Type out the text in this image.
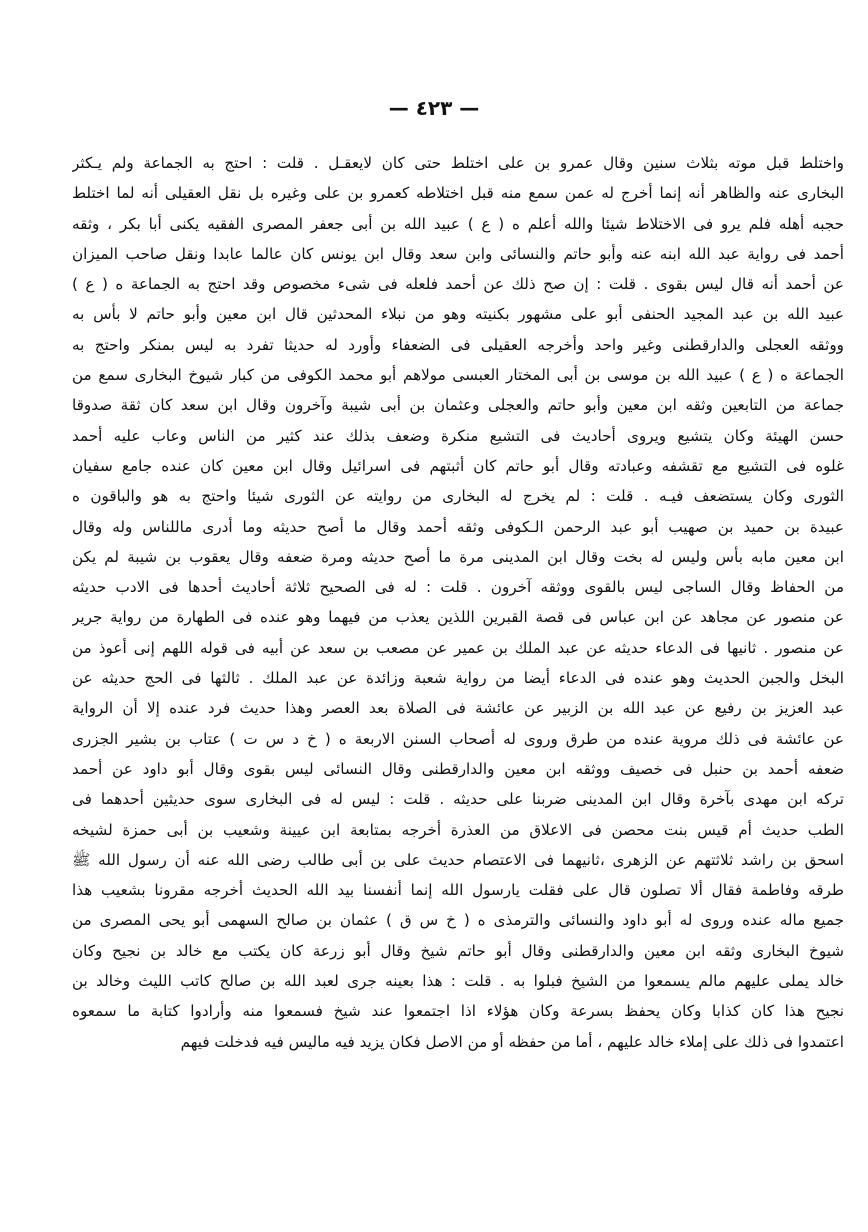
— ٤٢٣ —
واختلط قبل موته بثلاث سنين وقال عمرو بن على اختلط حتى كان لايعقـل . قلت : احتج به الجماعة ولم يـكثر
البخارى عنه والظاهر أنه إنما أخرج له عمن سمع منه قبل اختلاطه كعمرو بن على وغيره بل نقل العقيلى أنه لما اختلط
حجبه أهله فلم يرو فى الاختلاط شيئا والله أعلم ه ( ع ) عبيد الله بن أبى جعفر المصرى الفقيه يكنى أبا بكر ، وثقه
أحمد فى رواية عبد الله ابنه عنه وأبو حاتم والنسائى وابن سعد وقال ابن يونس كان عالما عابدا ونقل صاحب الميزان
عن أحمد أنه قال ليس بقوى . قلت : إن صح ذلك عن أحمد فلعله فى شىء مخصوص وقد احتج به الجماعة ه ( ع )
عبيد الله بن عبد المجيد الحنفى أبو على مشهور بكنيته وهو من نبلاء المحدثين قال ابن معين وأبو حاتم لا بأس به
ووثقه العجلى والدارقطنى وغير واحد وأخرجه العقيلى فى الضعفاء وأورد له حديثا تفرد به ليس بمنكر واحتج به
الجماعة ه ( ع ) عبيد الله بن موسى بن أبى المختار العبسى مولاهم أبو محمد الكوفى من كبار شيوخ البخارى سمع من
جماعة من التابعين وثقه ابن معين وأبو حاتم والعجلى وعثمان بن أبى شيبة وآخرون وقال ابن سعد كان ثقة صدوقا
حسن الهيئة وكان يتشيع ويروى أحاديث فى التشيع منكرة وضعف بذلك عند كثير من الناس وعاب عليه أحمد
غلوه فى التشيع مع تقشفه وعبادته وقال أبو حاتم كان أثبتهم فى اسرائيل وقال ابن معين كان عنده جامع سفيان
الثورى وكان يستضعف فيـه . قلت : لم يخرج له البخارى من روايته عن الثورى شيئا واحتج به هو والباقون ه
عبيدة بن حميد بن صهيب أبو عبد الرحمن الـكوفى وثقه أحمد وقال ما أصح حديثه وما أدرى ماللناس وله وقال
ابن معين مابه بأس وليس له بخت وقال ابن المدينى مرة ما أصح حديثه ومرة ضعفه وقال يعقوب بن شيبة لم يكن
من الحفاظ وقال الساجى ليس بالقوى ووثقه آخرون . قلت : له فى الصحيح ثلاثة أحاديث أحدها فى الادب حديثه
عن منصور عن مجاهد عن ابن عباس فى قصة القبرين اللذين يعذب من فيهما وهو عنده فى الطهارة من رواية جرير
عن منصور . ثانيها فى الدعاء حديثه عن عبد الملك بن عمير عن مصعب بن سعد عن أبيه فى قوله اللهم إنى أعوذ من
البخل والجبن الحديث وهو عنده فى الدعاء أيضا من رواية شعبة وزائدة عن عبد الملك . ثالثها فى الحج حديثه عن
عبد العزيز بن رفيع عن عبد الله بن الزبير عن عائشة فى الصلاة بعد العصر وهذا حديث فرد عنده إلا أن الرواية
عن عائشة فى ذلك مروية عنده من طرق وروى له أصحاب السنن الاربعة ه ( خ د س ت ) عتاب بن بشير الجزرى
ضعفه أحمد بن حنبل فى خصيف ووثقه ابن معين والدارقطنى وقال النسائى ليس بقوى وقال أبو داود عن أحمد
تركه ابن مهدى بآخرة وقال ابن المدينى ضربنا على حديثه . قلت : ليس له فى البخارى سوى حديثين أحدهما فى
الطب حديث أم قيس بنت محصن فى الاعلاق من العذرة أخرجه بمتابعة ابن عيينة وشعيب بن أبى حمزة لشيخه
اسحق بن راشد ثلاثتهم عن الزهرى ،ثانيهما فى الاعتصام حديث على بن أبى طالب رضى الله عنه أن رسول الله ﷺ
طرقه وفاطمة فقال ألا تصلون قال على فقلت يارسول الله إنما أنفسنا بيد الله الحديث أخرجه مقرونا بشعيب هذا
جميع ماله عنده وروى له أبو داود والنسائى والترمذى ه ( خ س ق ) عثمان بن صالح السهمى أبو يحى المصرى من
شيوخ البخارى وثقه ابن معين والدارقطنى وقال أبو حاتم شيخ وقال أبو زرعة كان يكتب مع خالد بن نجيح وكان
خالد يملى عليهم مالم يسمعوا من الشيخ فبلوا به . قلت : هذا بعينه جرى لعبد الله بن صالح كاتب الليث وخالد بن
نجيح هذا كان كذابا وكان يحفظ بسرعة وكان هؤلاء اذا اجتمعوا عند شيخ فسمعوا منه وأرادوا كتابة ما سمعوه
اعتمدوا فى ذلك على إملاء خالد عليهم ، أما من حفظه أو من الاصل فكان يزيد فيه ماليس فيه فدخلت فيهم
